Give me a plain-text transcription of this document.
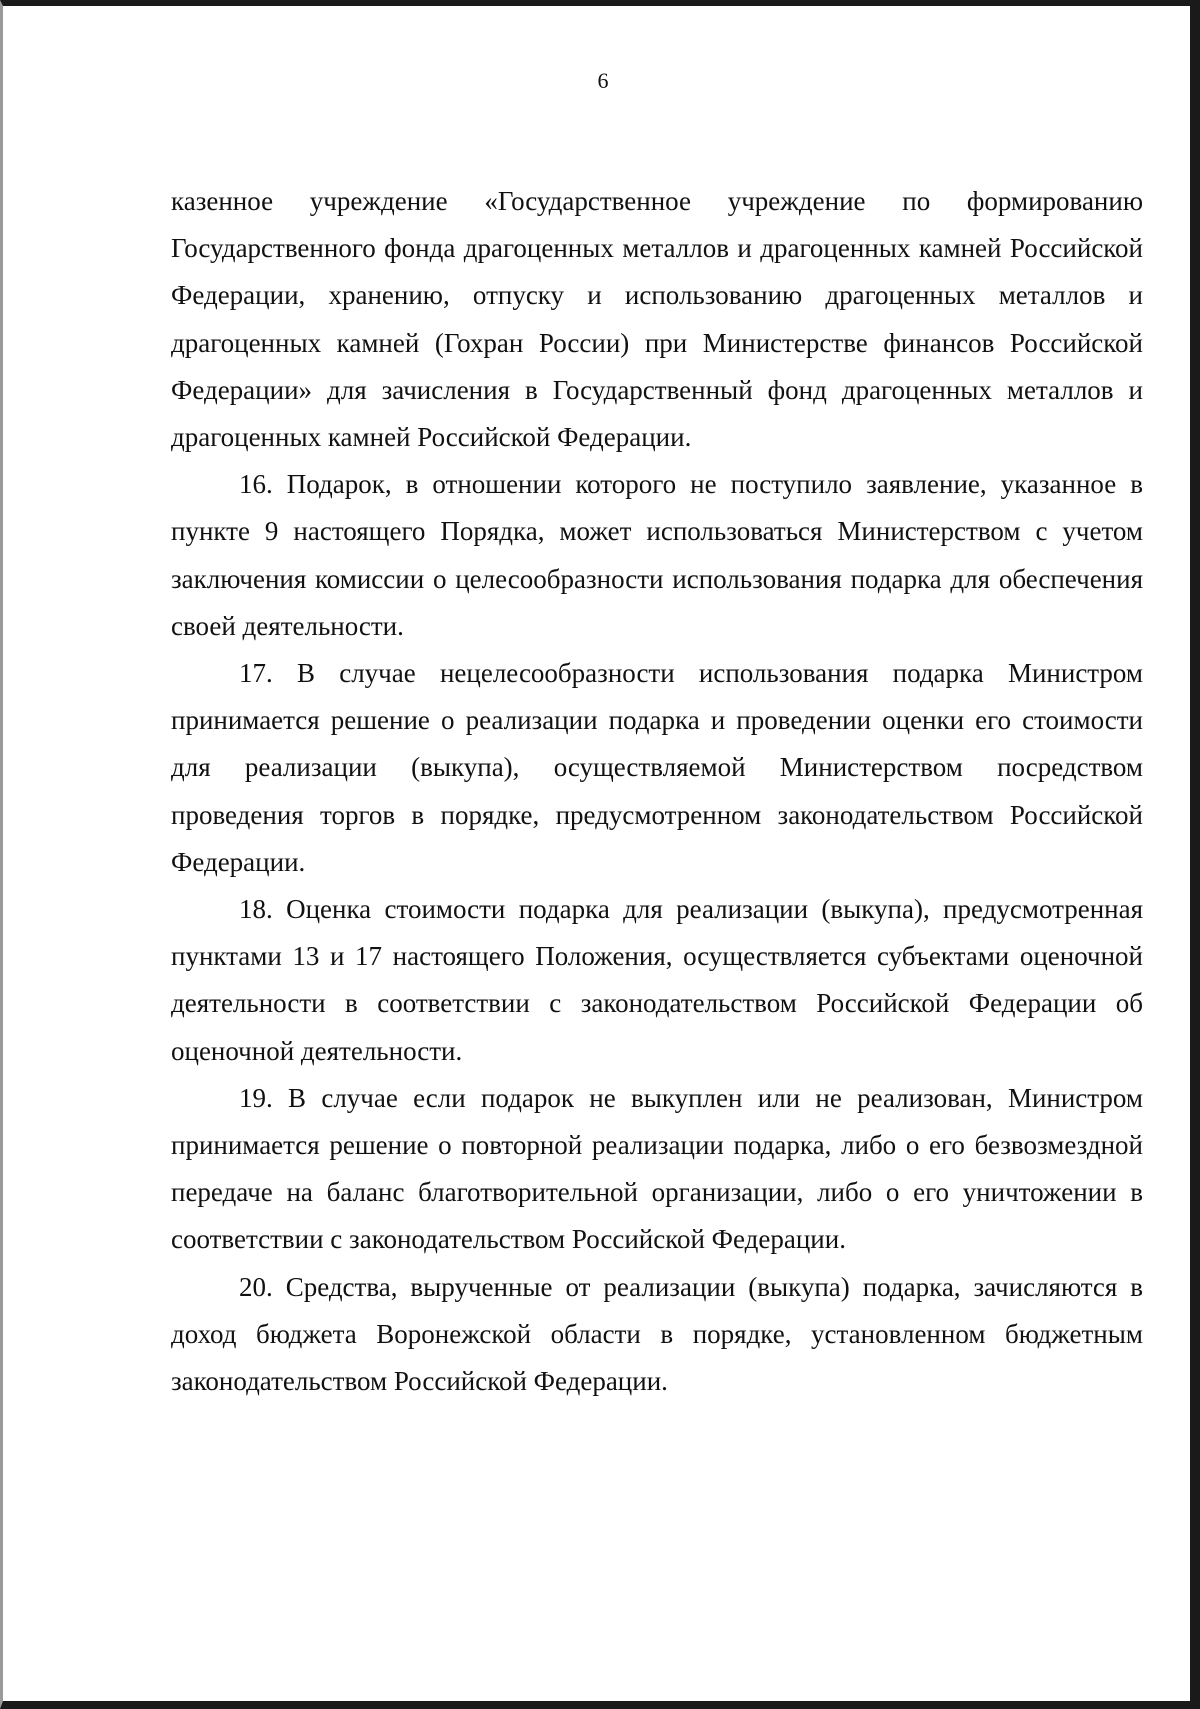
6

казенное учреждение «Государственное учреждение по формированию Государственного фонда драгоценных металлов и драгоценных камней Российской Федерации, хранению, отпуску и использованию драгоценных металлов и драгоценных камней (Гохран России) при Министерстве финансов Российской Федерации» для зачисления в Государственный фонд драгоценных металлов и драгоценных камней Российской Федерации.

16. Подарок, в отношении которого не поступило заявление, указанное в пункте 9 настоящего Порядка, может использоваться Министерством с учетом заключения комиссии о целесообразности использования подарка для обеспечения своей деятельности.

17. В случае нецелесообразности использования подарка Министром принимается решение о реализации подарка и проведении оценки его стоимости для реализации (выкупа), осуществляемой Министерством посредством проведения торгов в порядке, предусмотренном законодательством Российской Федерации.

18. Оценка стоимости подарка для реализации (выкупа), предусмотренная пунктами 13 и 17 настоящего Положения, осуществляется субъектами оценочной деятельности в соответствии с законодательством Российской Федерации об оценочной деятельности.

19. В случае если подарок не выкуплен или не реализован, Министром принимается решение о повторной реализации подарка, либо о его безвозмездной передаче на баланс благотворительной организации, либо о его уничтожении в соответствии с законодательством Российской Федерации.

20. Средства, вырученные от реализации (выкупа) подарка, зачисляются в доход бюджета Воронежской области в порядке, установленном бюджетным законодательством Российской Федерации.
